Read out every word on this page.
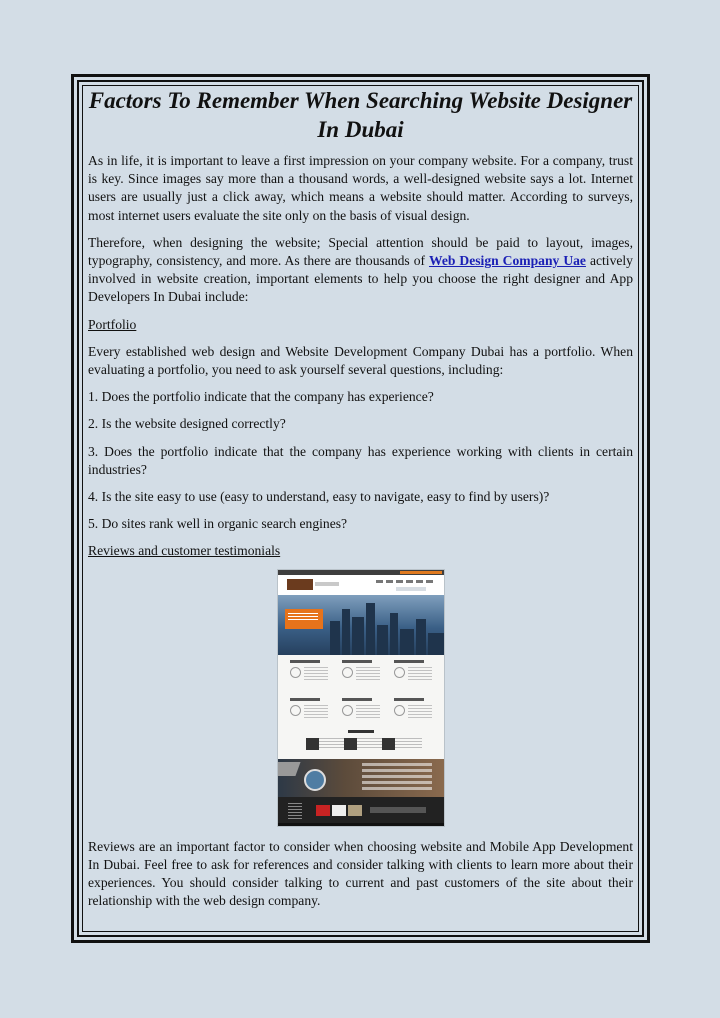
Factors To Remember When Searching Website Designer In Dubai

As in life, it is important to leave a first impression on your company website. For a company, trust is key. Since images say more than a thousand words, a well-designed website says a lot. Internet users are usually just a click away, which means a website should matter. According to surveys, most internet users evaluate the site only on the basis of visual design.

Therefore, when designing the website; Special attention should be paid to layout, images, typography, consistency, and more. As there are thousands of Web Design Company Uae actively involved in website creation, important elements to help you choose the right designer and App Developers In Dubai include:

Portfolio

Every established web design and Website Development Company Dubai has a portfolio. When evaluating a portfolio, you need to ask yourself several questions, including:

1. Does the portfolio indicate that the company has experience?

2. Is the website designed correctly?

3. Does the portfolio indicate that the company has experience working with clients in certain industries?

4. Is the site easy to use (easy to understand, easy to navigate, easy to find by users)?

5. Do sites rank well in organic search engines?

Reviews and customer testimonials

Reviews are an important factor to consider when choosing website and Mobile App Development In Dubai. Feel free to ask for references and consider talking with clients to learn more about their experiences. You should consider talking to current and past customers of the site about their relationship with the web design company.
